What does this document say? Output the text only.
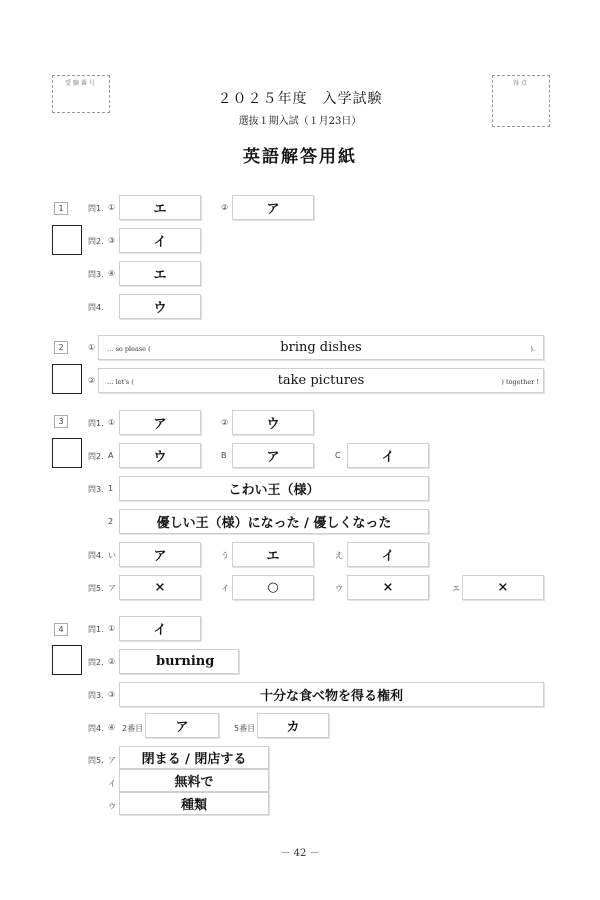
受験番号	得点
２０２５年度　入学試験
選抜１期入試（１月23日）
英語解答用紙
1	問1. ①	エ	②	ア
問2. ③	イ
問3. ④	エ
問4.	ウ
2	① … so please (	bring dishes	).
② … let's (	take pictures	) together !
3	問1. ①	ア	②	ウ
問2. A	ウ	B	ア	C	イ
問3. 1	こわい王（様）
2	優しい王（様）になった / 優しくなった
問4. い	ア	う	エ	え	イ
問5. ア	×	イ	○	ウ	×	エ	×
4	問1. ①	イ
問2. ②	burning
問3. ③	十分な食べ物を得る権利
問4. ④ 2番目	ア	5番目	カ
問5. ア	閉まる / 閉店する
イ	無料で
ウ	種類
－ 42 －
